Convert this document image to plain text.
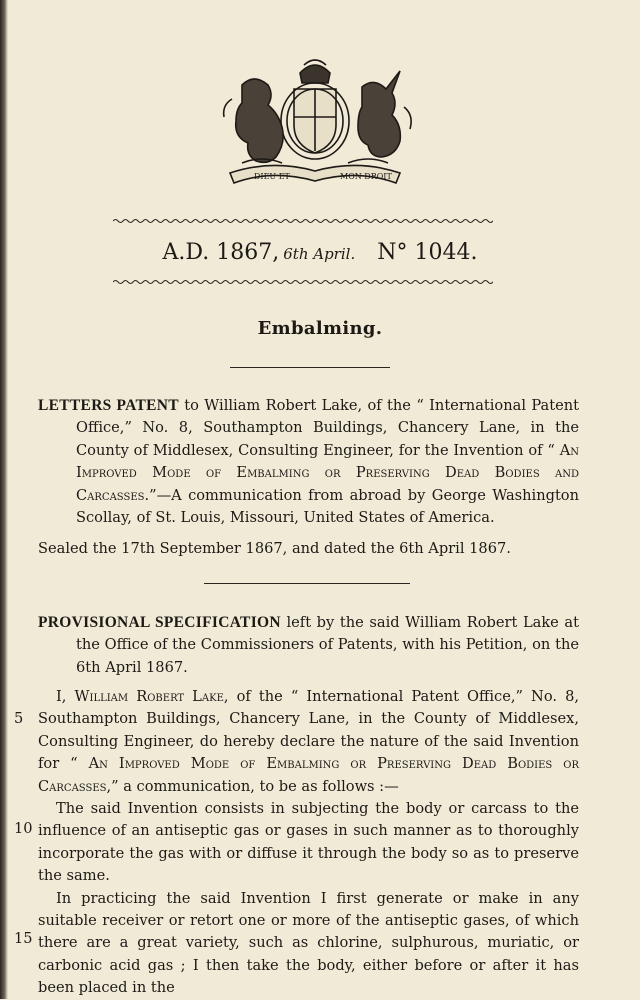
DIEU ET	MON DROIT
A.D. 1867, 6th April. N° 1044.
Embalming.

LETTERS PATENT to William Robert Lake, of the “ International Patent Office,” No. 8, Southampton Buildings, Chancery Lane, in the County of Middlesex, Consulting Engineer, for the Invention of “ An Improved Mode of Embalming or Preserving Dead Bodies and Carcasses.”—A communication from abroad by George Washington Scollay, of St. Louis, Missouri, United States of America.

Sealed the 17th September 1867, and dated the 6th April 1867.

PROVISIONAL SPECIFICATION left by the said William Robert Lake at the Office of the Commissioners of Patents, with his Petition, on the 6th April 1867.

I, William Robert Lake, of the “ International Patent Office,” No. 8, Southampton Buildings, Chancery Lane, in the County of Middlesex, Consulting Engineer, do hereby declare the nature of the said Invention for “ An Improved Mode of Embalming or Preserving Dead Bodies or Carcasses,” a communication, to be as follows :—

The said Invention consists in subjecting the body or carcass to the influence of an antiseptic gas or gases in such manner as to thoroughly incorporate the gas with or diffuse it through the body so as to preserve the same.

In practicing the said Invention I first generate or make in any suitable receiver or retort one or more of the antiseptic gases, of which there are a great variety, such as chlorine, sulphurous, muriatic, or carbonic acid gas ; I then take the body, either before or after it has been placed in the

5
10
15
